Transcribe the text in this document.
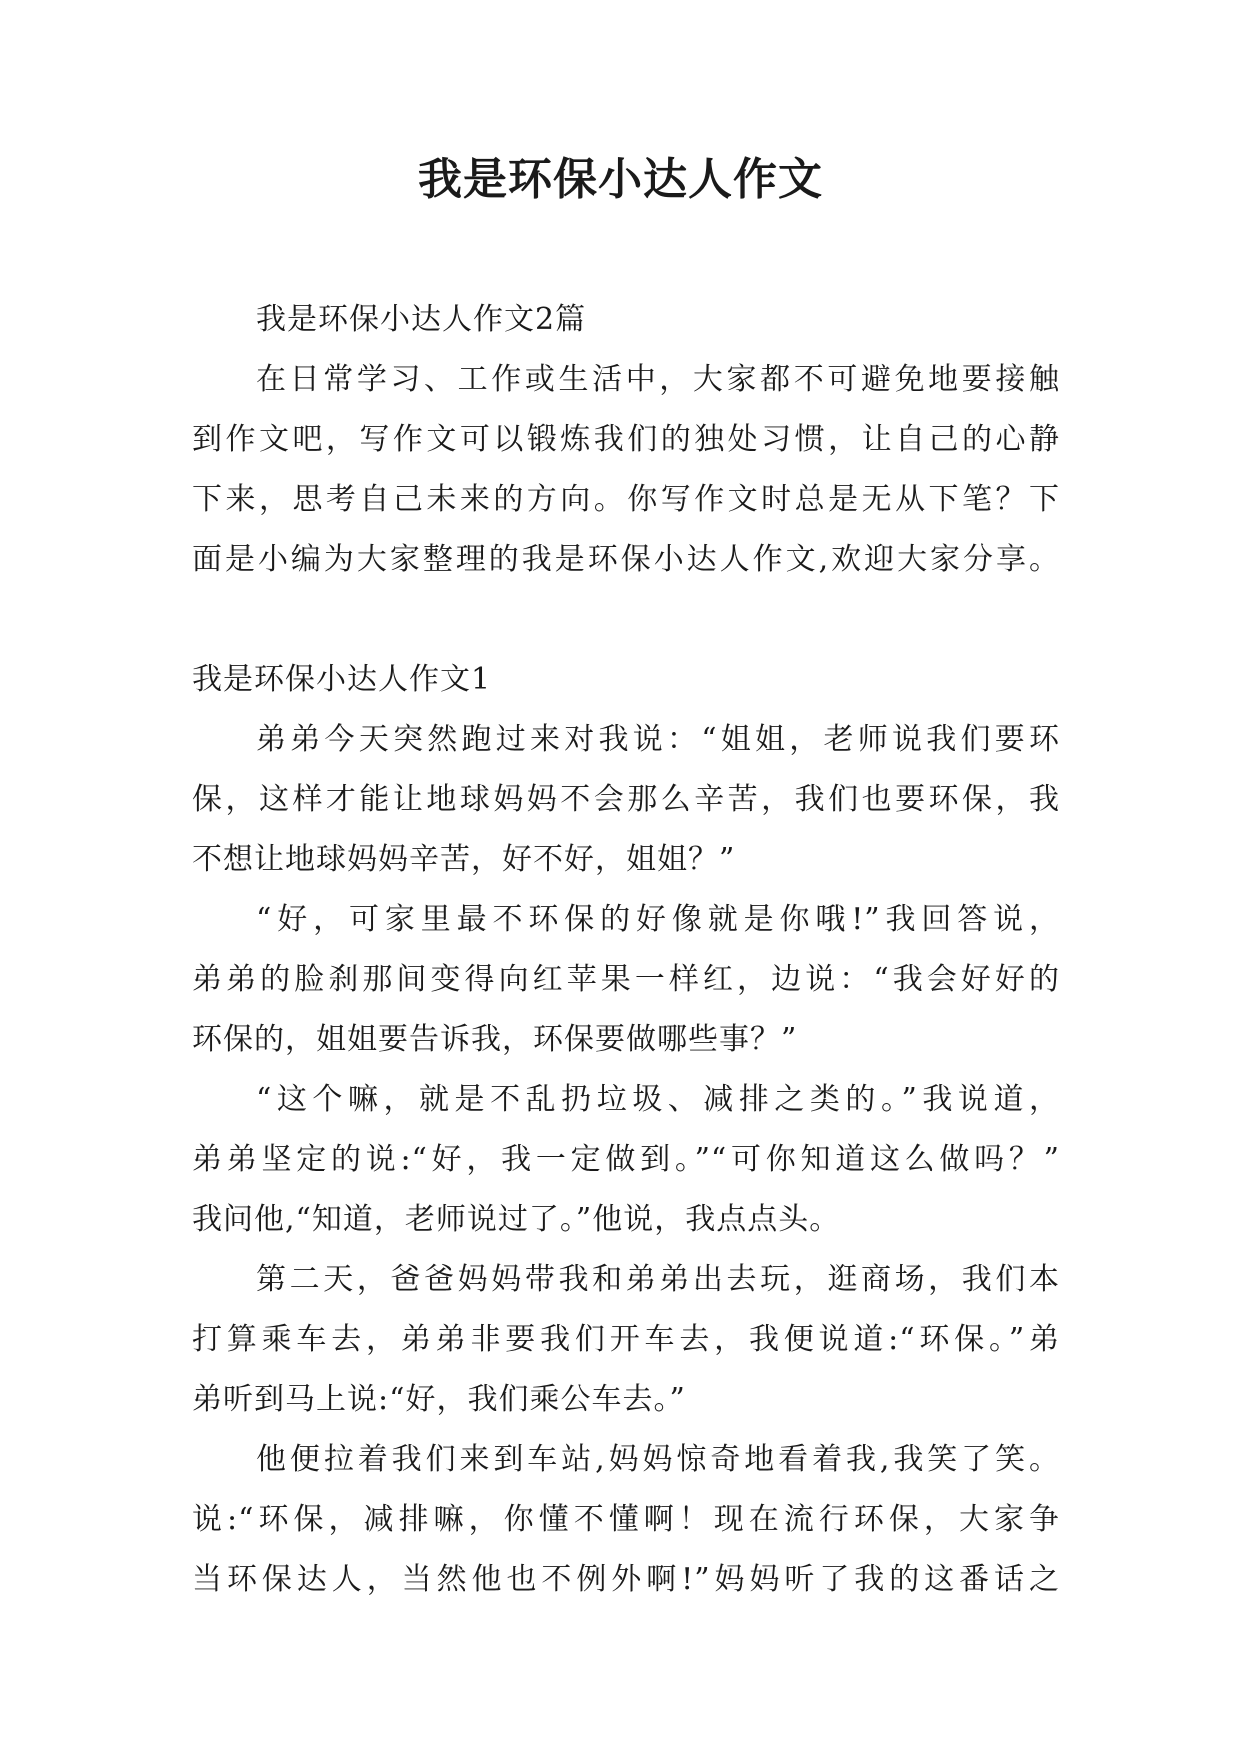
我是环保小达人作文
我是环保小达人作文2篇
在日常学习、工作或生活中，大家都不可避免地要接触
到作文吧，写作文可以锻炼我们的独处习惯，让自己的心静
下来，思考自己未来的方向。你写作文时总是无从下笔？下
面是小编为大家整理的我是环保小达人作文,欢迎大家分享。
我是环保小达人作文1
弟弟今天突然跑过来对我说：“姐姐，老师说我们要环
保，这样才能让地球妈妈不会那么辛苦，我们也要环保，我
不想让地球妈妈辛苦，好不好，姐姐？”
“好，可家里最不环保的好像就是你哦!”我回答说，
弟弟的脸刹那间变得向红苹果一样红，边说：“我会好好的
环保的，姐姐要告诉我，环保要做哪些事？”
“这个嘛，就是不乱扔垃圾、减排之类的。”我说道，
弟弟坚定的说:“好，我一定做到。”“可你知道这么做吗？”
我问他,“知道，老师说过了。”他说，我点点头。
第二天，爸爸妈妈带我和弟弟出去玩，逛商场，我们本
打算乘车去，弟弟非要我们开车去，我便说道:“环保。”弟
弟听到马上说:“好，我们乘公车去。”
他便拉着我们来到车站,妈妈惊奇地看着我,我笑了笑。
说:“环保，减排嘛，你懂不懂啊！现在流行环保，大家争
当环保达人，当然他也不例外啊!”妈妈听了我的这番话之
